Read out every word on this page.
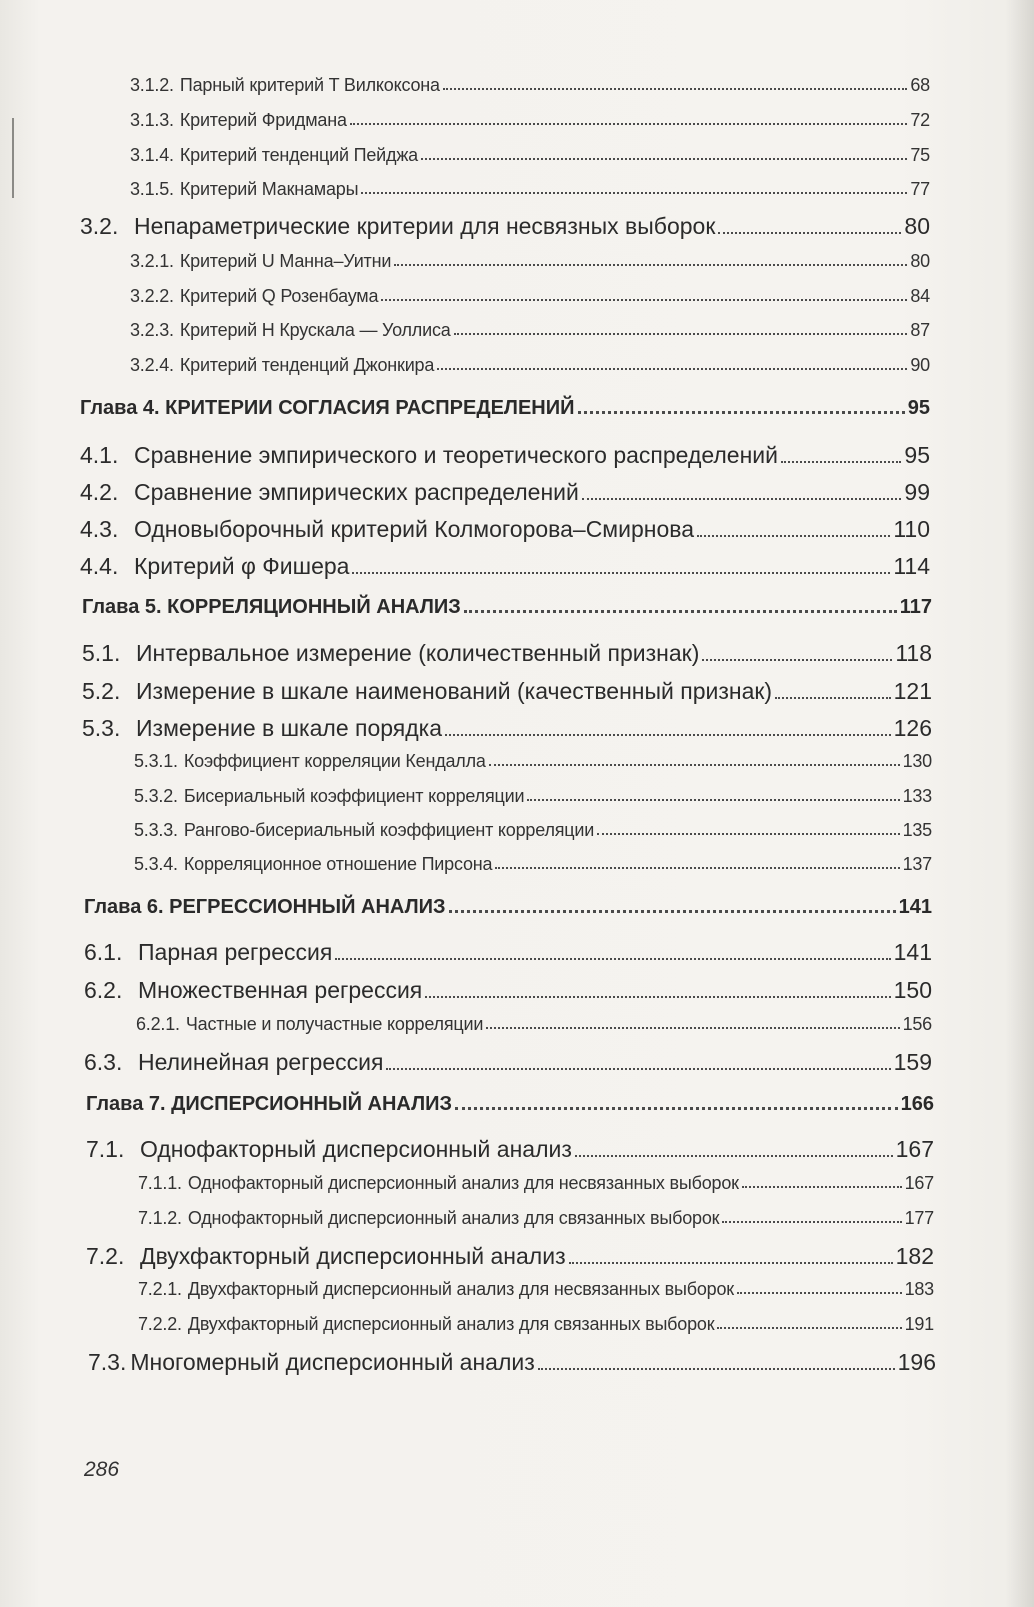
3.1.2. Парный критерий T Вилкоксона	68
3.1.3. Критерий Фридмана	72
3.1.4. Критерий тенденций Пейджа	75
3.1.5. Критерий Макнамары	77
3.2. Непараметрические критерии для несвязных выборок	80
3.2.1. Критерий U Манна–Уитни	80
3.2.2. Критерий Q Розенбаума	84
3.2.3. Критерий Н Крускала — Уоллиса	87
3.2.4. Критерий тенденций Джонкира	90
Глава 4. КРИТЕРИИ СОГЛАСИЯ РАСПРЕДЕЛЕНИЙ	95
4.1. Сравнение эмпирического и теоретического распределений	95
4.2. Сравнение эмпирических распределений	99
4.3. Одновыборочный критерий Колмогорова–Смирнова	110
4.4. Критерий φ Фишера	114
Глава 5. КОРРЕЛЯЦИОННЫЙ АНАЛИЗ	117
5.1. Интервальное измерение (количественный признак)	118
5.2. Измерение в шкале наименований (качественный признак)	121
5.3. Измерение в шкале порядка	126
5.3.1. Коэффициент корреляции Кендалла	130
5.3.2. Бисериальный коэффициент корреляции	133
5.3.3. Рангово-бисериальный коэффициент корреляции	135
5.3.4. Корреляционное отношение Пирсона	137
Глава 6. РЕГРЕССИОННЫЙ АНАЛИЗ	141
6.1. Парная регрессия	141
6.2. Множественная регрессия	150
6.2.1. Частные и получастные корреляции	156
6.3. Нелинейная регрессия	159
Глава 7. ДИСПЕРСИОННЫЙ АНАЛИЗ	166
7.1. Однофакторный дисперсионный анализ	167
7.1.1. Однофакторный дисперсионный анализ для несвязанных выборок	167
7.1.2. Однофакторный дисперсионный анализ для связанных выборок	177
7.2. Двухфакторный дисперсионный анализ	182
7.2.1. Двухфакторный дисперсионный анализ для несвязанных выборок	183
7.2.2. Двухфакторный дисперсионный анализ для связанных выборок	191
7.3. Многомерный дисперсионный анализ	196
286
